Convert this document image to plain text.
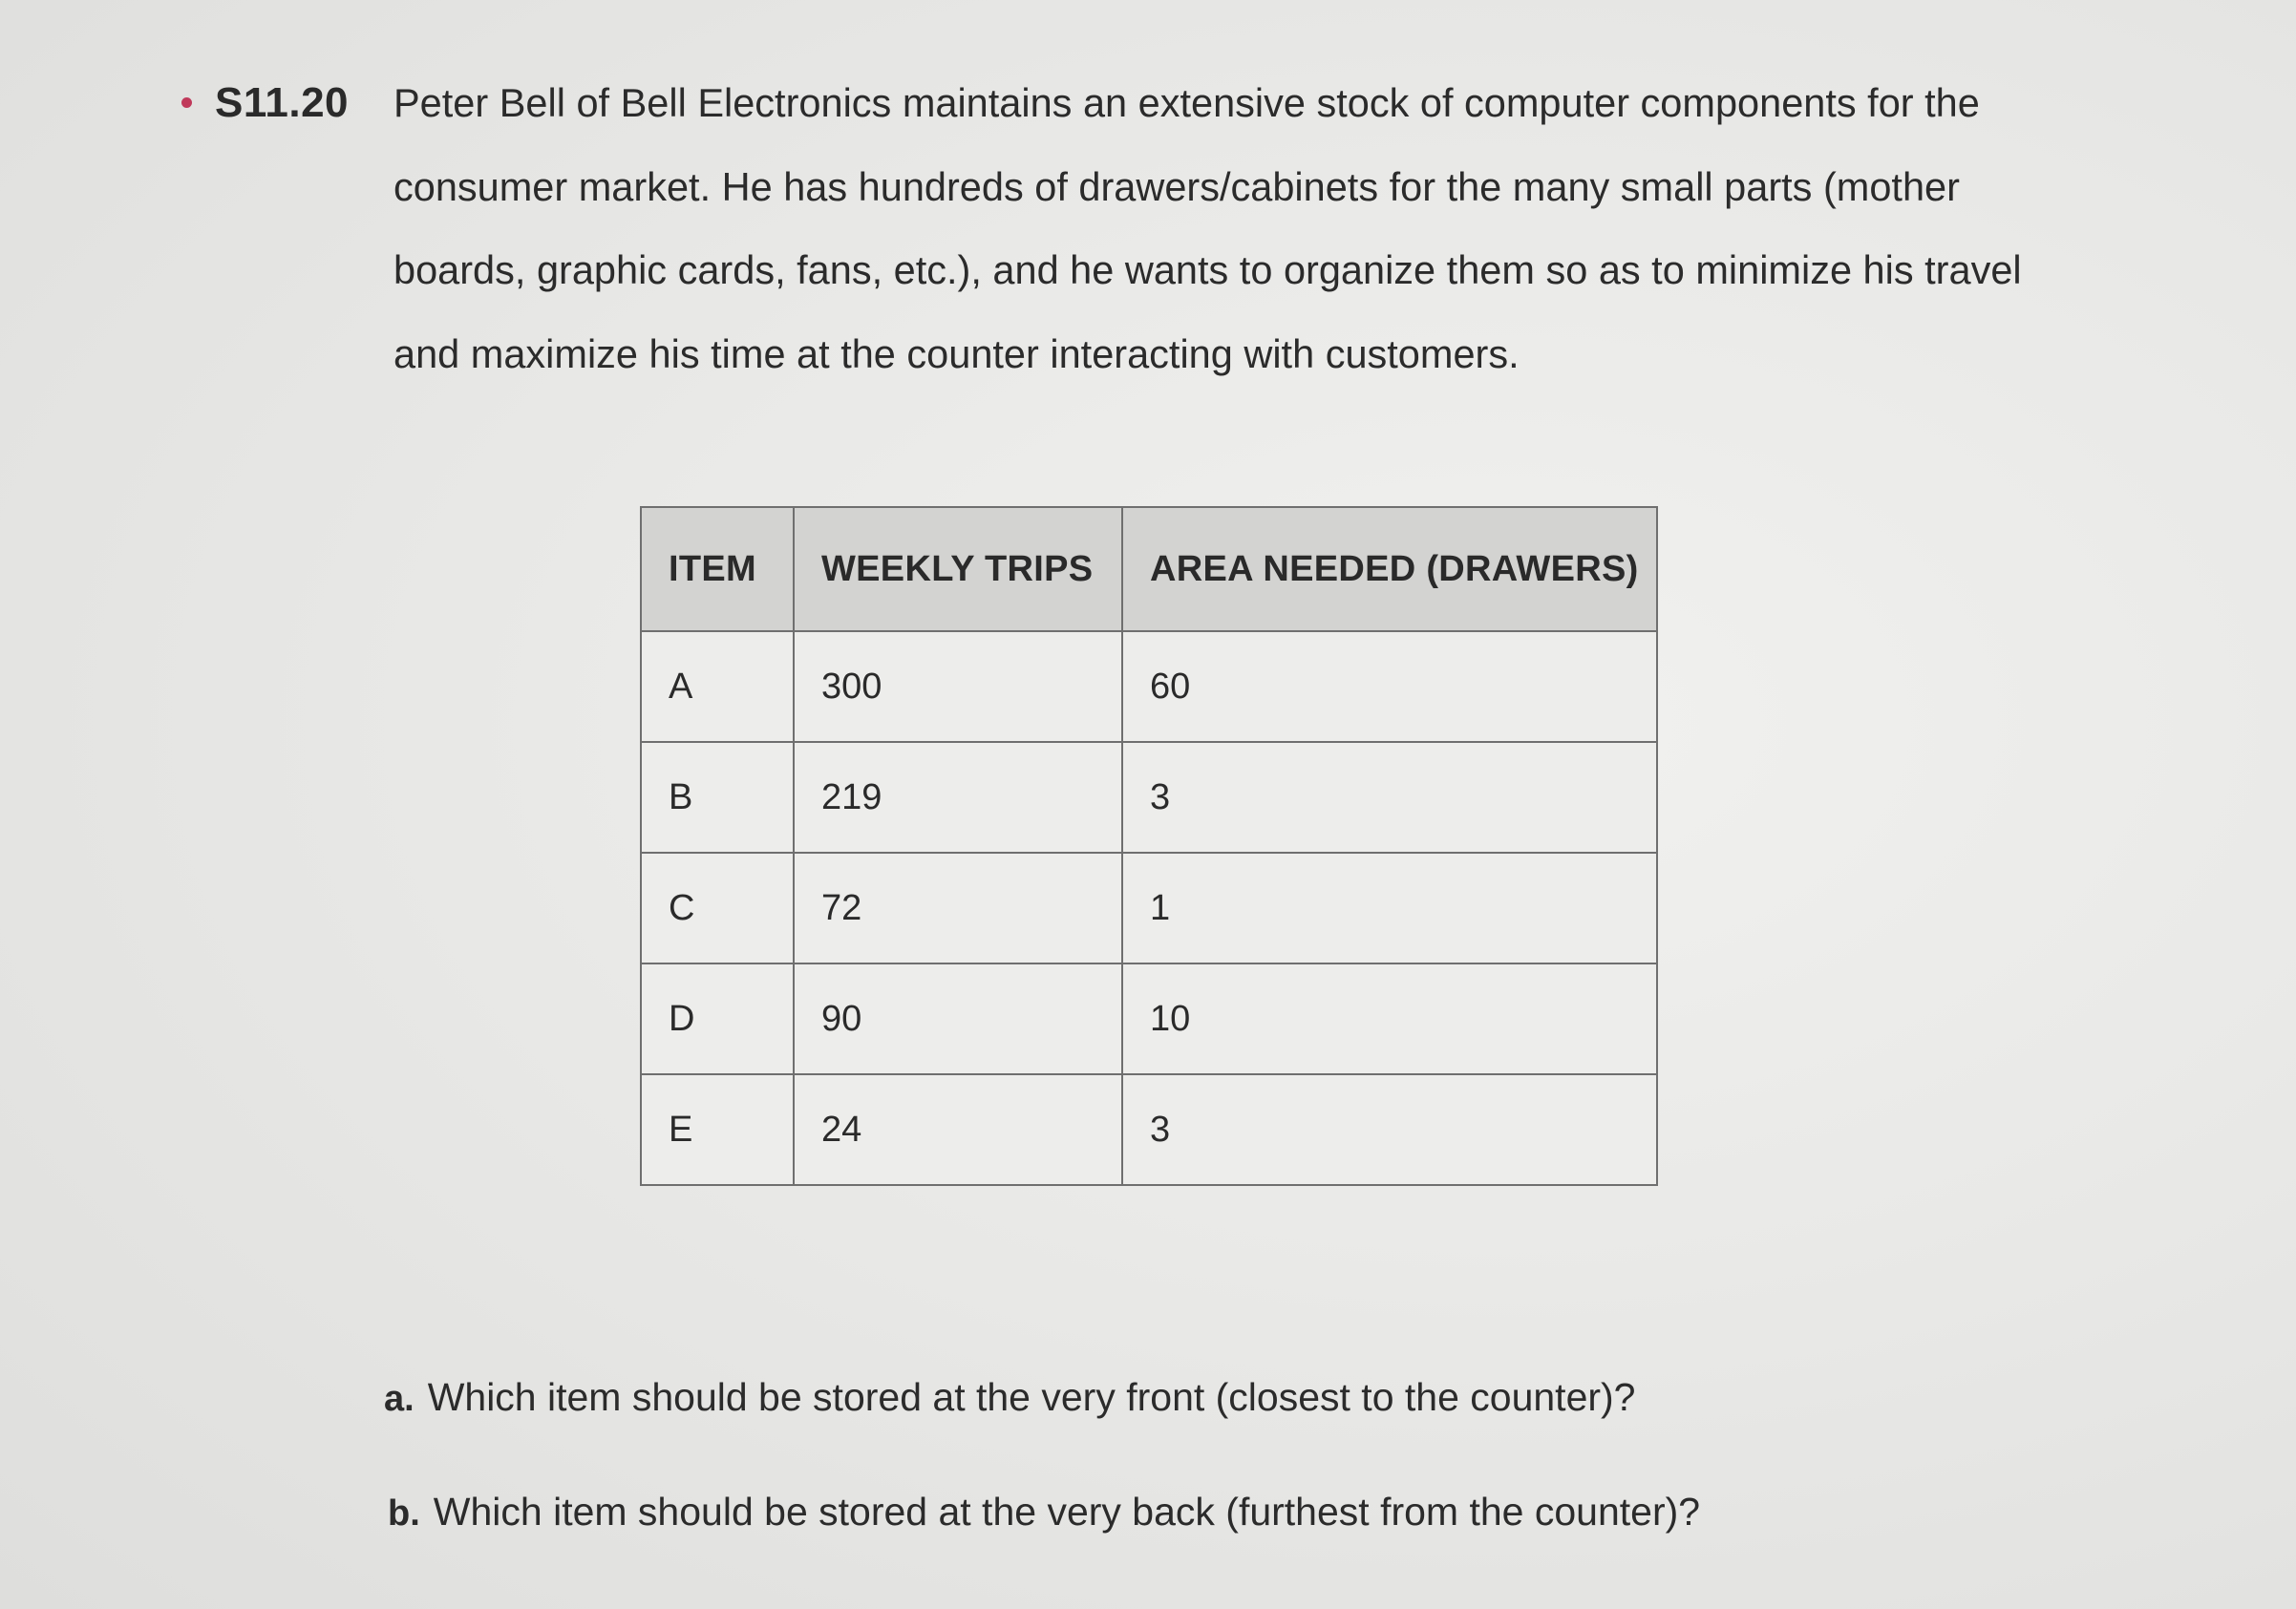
S11.20 Peter Bell of Bell Electronics maintains an extensive stock of computer components for the
consumer market. He has hundreds of drawers/cabinets for the many small parts (mother
boards, graphic cards, fans, etc.), and he wants to organize them so as to minimize his travel
and maximize his time at the counter interacting with customers.
ITEM	WEEKLY TRIPS	AREA NEEDED (DRAWERS)
A	300	60
B	219	3
C	72	1
D	90	10
E	24	3
a. Which item should be stored at the very front (closest to the counter)?
b. Which item should be stored at the very back (furthest from the counter)?
